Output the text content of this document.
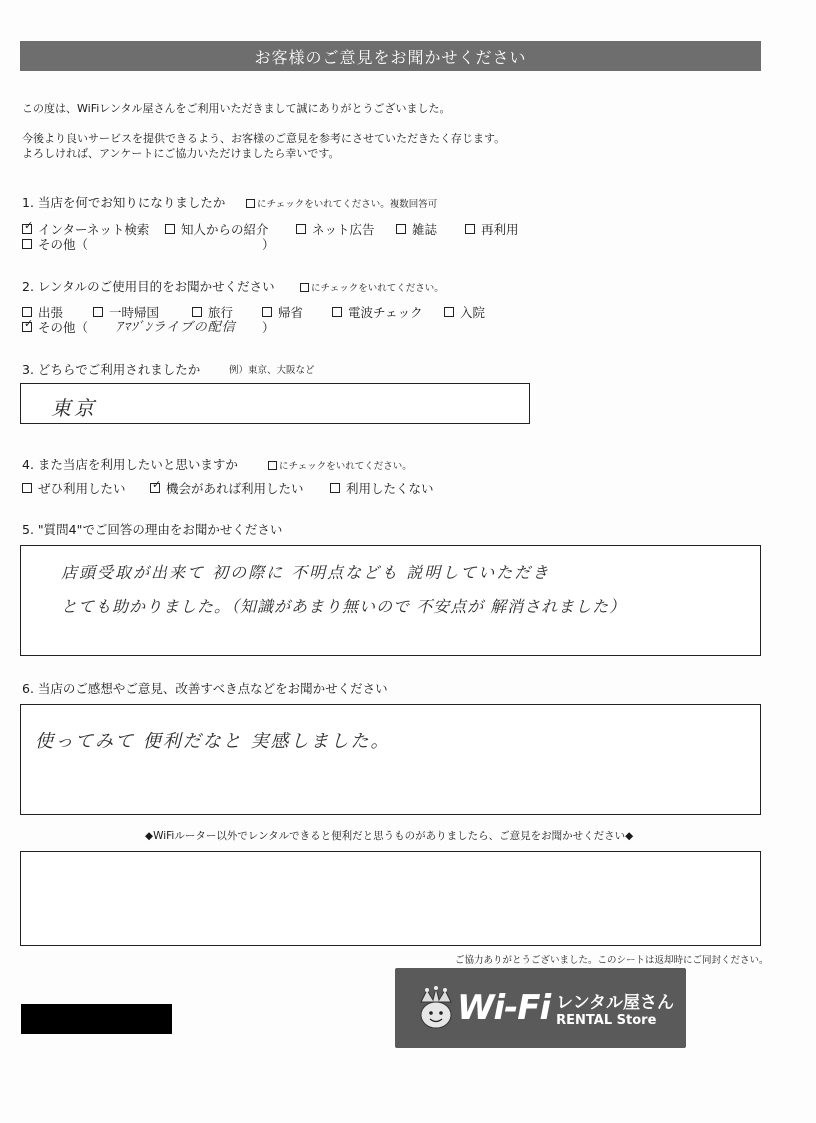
お客様のご意見をお聞かせください
この度は、WiFiレンタル屋さんをご利用いただきまして誠にありがとうございました。
今後より良いサービスを提供できるよう、お客様のご意見を参考にさせていただきたく存じます。
よろしければ、アンケートにご協力いただけましたら幸いです。
1. 当店を何でお知りになりましたか	にチェックをいれてください。複数回答可
✓ インターネット検索	知人からの紹介	ネット広告	雑誌	再利用
その他（	）
2. レンタルのご使用目的をお聞かせください	にチェックをいれてください。
出張	一時帰国	旅行	帰省	電波チェック	入院
✓ その他（ ｱﾏｿﾞﾝライブの配信 ）
3. どちらでご利用されましたか	例）東京、大阪など
東京
4. また当店を利用したいと思いますか	にチェックをいれてください。
ぜひ利用したい ✓ 機会があれば利用したい	利用したくない
5. "質問4"でご回答の理由をお聞かせください
店頭受取が出来て 初の際に 不明点なども 説明していただき
とても助かりました。（知識があまり無いので 不安点が 解消されました）
6. 当店のご感想やご意見、改善すべき点などをお聞かせください
使ってみて 便利だなと 実感しました。
◆WiFiルーター以外でレンタルできると便利だと思うものがありましたら、ご意見をお聞かせください◆
ご協力ありがとうございました。このシートは返却時にご同封ください。
Wi-Fi レンタル屋さん
RENTAL Store
